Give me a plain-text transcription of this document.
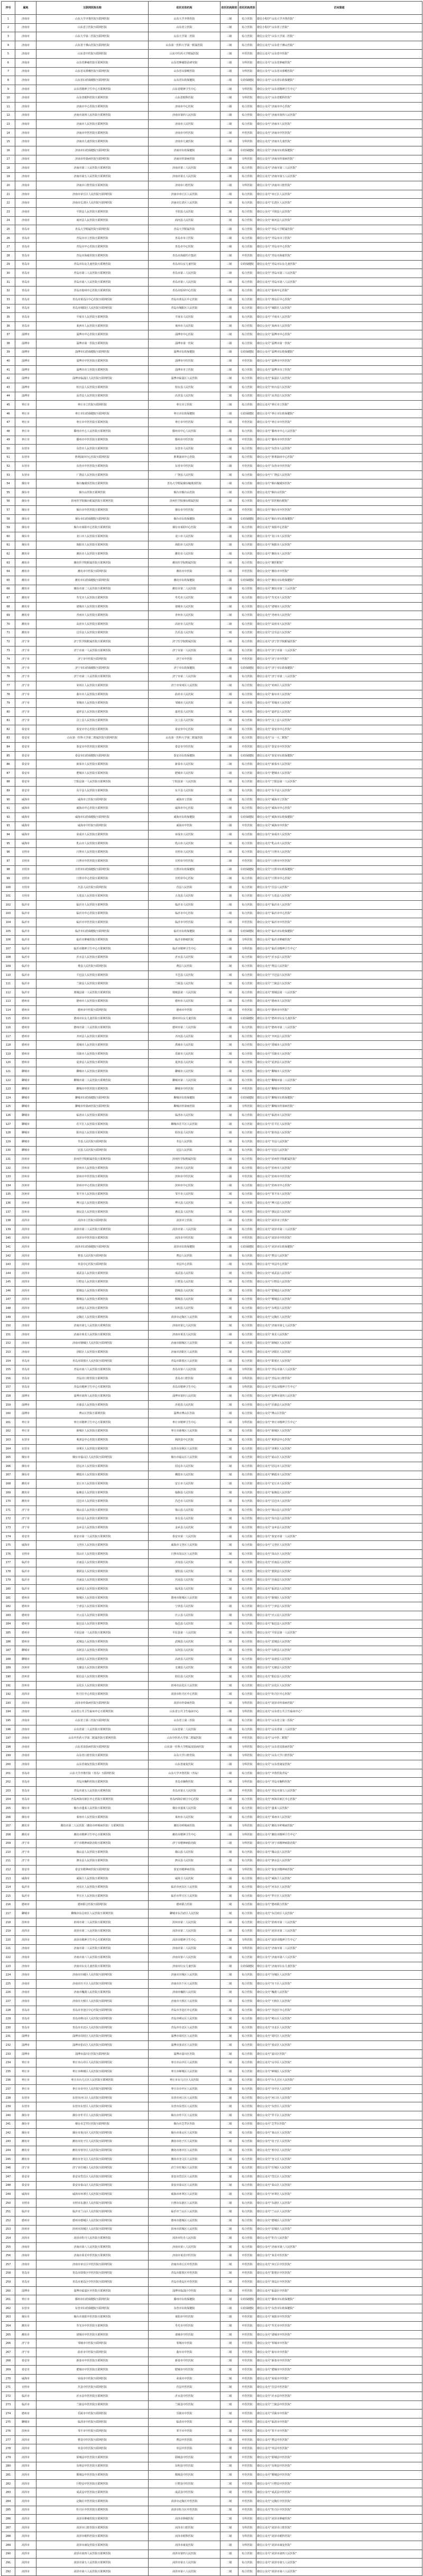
序号	属地	互联网医院名称	依托实体机构	依托机构级别	依托机构类别	访问渠道
1	济南市	山东大学齐鲁医院互联网医院	山东大学齐鲁医院	三级	综合医院	微信小程序“山东大学齐鲁医院”
2	济南市	山东省立医院互联网医院	山东省立医院	三级	综合医院	微信小程序“山东省立医院”
3	济南市	山东大学第二医院互联网医院	山东大学第二医院	三级	综合医院	微信公众号“山东大学第二医院”
4	济南市	山东省千佛山医院互联网医院	山东第一医科大学第一附属医院	三级	综合医院	微信公众号“山东省千佛山医院”
5	济南市	山东省中医院互联网医院	山东中医药大学附属医院	三级	中医医院	微信公众号“山东省中医院”
6	济南市	山东省肿瘤医院互联网医院	山东省肿瘤防治研究院	三级	专科医院	微信公众号“山东省肿瘤医院”
7	济南市	山东省耳鼻喉医院互联网医院	山东省耳鼻喉医院	三级	专科医院	微信公众号“山东省耳鼻喉医院”
8	济南市	山东省妇幼保健院互联网医院	山东省妇幼保健院	三级	妇幼保健院	微信公众号“山东省妇幼保健院”
9	济南市	山东省精神卫生中心互联网医院	山东省精神卫生中心	三级	专科医院	微信公众号“山东省精神卫生中心”
10	济南市	山东省眼科医院互联网医院	山东省眼科医院	三级	专科医院	微信公众号“山东省眼科医院”
11	济南市	济南市中心医院互联网医院	济南市中心医院	三级	综合医院	微信公众号“济南市中心医院”
12	济南市	济南市第四人民医院互联网医院	济南市第四人民医院	三级	综合医院	微信公众号“济南市第四人民医院”
13	济南市	济南市人民医院互联网医院	济南市人民医院	三级	综合医院	微信公众号“济南市人民医院”
14	济南市	济南市中医医院互联网医院	济南市中医医院	三级	中医医院	微信公众号“济南市中医医院”
15	济南市	济南市儿童医院互联网医院	济南市儿童医院	三级	专科医院	微信公众号“济南市儿童医院”
16	济南市	济南市妇幼保健院互联网医院	济南市妇幼保健院	三级	妇幼保健院	微信公众号“济南市妇幼保健院”
17	济南市	济南市传染病医院互联网医院	济南市传染病医院	三级	专科医院	微信公众号“济南市传染病医院”
18	济南市	济南市第三人民医院互联网医院	济南市第三人民医院	三级	综合医院	微信公众号“济南市第三人民医院”
19	济南市	济南市第五人民医院互联网医院	济南市第五人民医院	三级	综合医院	微信公众号“济南市第五人民医院”
20	济南市	济南市口腔医院互联网医院	济南市口腔医院	三级	专科医院	微信公众号“济南市口腔医院”
21	济南市	济南市章丘区人民医院互联网医院	济南市章丘区人民医院	三级	综合医院	微信公众号“章丘区人民医院”
22	济南市	济南市长清区人民医院互联网医院	济南市长清区人民医院	二级	综合医院	微信公众号“长清区人民医院”
23	济南市	平阴县人民医院互联网医院	平阴县人民医院	二级	综合医院	微信公众号“平阴县人民医院”
24	济南市	商河县人民医院互联网医院	商河县人民医院	二级	综合医院	微信公众号“商河县人民医院”
25	青岛市	青岛大学附属医院互联网医院	青岛大学附属医院	三级	综合医院	微信公众号“青岛大学附属医院”
26	青岛市	青岛市市立医院互联网医院	青岛市市立医院	三级	综合医院	微信公众号“青岛市市立医院”
27	青岛市	青岛市中心医院互联网医院	青岛市中心医院	三级	综合医院	微信公众号“青岛市中心医院”
28	青岛市	青岛市海慈医院互联网医院	青岛市海慈医疗集团	三级	中医医院	微信公众号“青岛市海慈医院”
29	青岛市	青岛市妇女儿童医院互联网医院	青岛市妇女儿童医院	三级	妇幼保健院	微信公众号“青岛市妇女儿童医院”
30	青岛市	青岛市第三人民医院互联网医院	青岛市第三人民医院	三级	综合医院	微信公众号“青岛市第三人民医院”
31	青岛市	青岛市第八人民医院互联网医院	青岛市第八人民医院	三级	综合医院	微信公众号“青岛市第八人民医院”
32	青岛市	青岛市胶州中心医院互联网医院	青岛市胶州中心医院	三级	综合医院	微信公众号“胶州中心医院”
33	青岛市	青岛市黄岛区中心医院互联网医院	青岛市黄岛区中心医院	三级	综合医院	微信公众号“黄岛区中心医院”
34	青岛市	青岛市城阳区人民医院互联网医院	青岛市城阳区人民医院	三级	综合医院	微信公众号“城阳区人民医院”
35	青岛市	平度市人民医院互联网医院	平度市人民医院	三级	综合医院	微信公众号“平度市人民医院”
36	青岛市	莱西市人民医院互联网医院	莱西市人民医院	二级	综合医院	微信公众号“莱西市人民医院”
37	淄博市	淄博市中心医院互联网医院	淄博市中心医院	三级	综合医院	微信公众号“淄博市中心医院”
38	淄博市	淄博市第一医院互联网医院	淄博市第一医院	三级	综合医院	微信公众号“淄博市第一医院”
39	淄博市	淄博市妇幼保健院互联网医院	淄博市妇幼保健院	三级	妇幼保健院	微信公众号“淄博市妇幼保健院”
40	淄博市	淄博市中医医院互联网医院	淄博市中医医院	三级	中医医院	微信公众号“淄博市中医医院”
41	淄博市	淄博市市立医院互联网医院	淄博市市立医院	三级	综合医院	微信公众号“淄博市市立医院”
42	淄博市	淄博市临淄区人民医院互联网医院	淄博市临淄区人民医院	三级	综合医院	微信公众号“临淄区人民医院”
43	淄博市	桓台县人民医院互联网医院	桓台县人民医院	二级	综合医院	微信公众号“桓台县人民医院”
44	淄博市	高青县人民医院互联网医院	高青县人民医院	二级	综合医院	微信公众号“高青县人民医院”
45	枣庄市	枣庄市立医院互联网医院	枣庄市立医院	三级	综合医院	微信公众号“枣庄市立医院”
46	枣庄市	枣庄市妇幼保健院互联网医院	枣庄市妇幼保健院	三级	妇幼保健院	微信公众号“枣庄市妇幼保健院”
47	枣庄市	枣庄市中医医院互联网医院	枣庄市中医医院	三级	中医医院	微信公众号“枣庄市中医医院”
48	枣庄市	滕州市中心人民医院互联网医院	滕州市中心人民医院	三级	综合医院	微信公众号“滕州市中心人民医院”
49	枣庄市	滕州市中医医院互联网医院	滕州市中医医院	三级	中医医院	微信公众号“滕州市中医医院”
50	东营市	东营市人民医院互联网医院	东营市人民医院	三级	综合医院	微信公众号“东营市人民医院”
51	东营市	胜利油田中心医院互联网医院	胜利油田中心医院	三级	综合医院	微信公众号“胜利油田中心医院”
52	东营市	东营市中医医院互联网医院	东营市中医医院	三级	中医医院	微信公众号“东营市中医医院”
53	东营市	广饶县人民医院互联网医院	广饶县人民医院	二级	综合医院	微信公众号“广饶县人民医院”
54	烟台市	烟台毓璜顶医院互联网医院	青岛大学附属烟台毓璜顶医院	三级	综合医院	微信公众号“烟台毓璜顶医院”
55	烟台市	烟台山医院互联网医院	烟台市烟台山医院	三级	综合医院	微信公众号“烟台山医院”
56	烟台市	滨州医学院烟台附属医院互联网医院	滨州医学院烟台附属医院	三级	综合医院	微信公众号“滨医烟台附院”
57	烟台市	烟台市中医医院互联网医院	烟台市中医医院	三级	中医医院	微信公众号“烟台市中医医院”
58	烟台市	烟台市妇幼保健院互联网医院	烟台市妇幼保健院	三级	妇幼保健院	微信公众号“烟台市妇幼保健院”
59	烟台市	烟台市莱阳中心医院互联网医院	烟台市莱阳中心医院	三级	综合医院	微信公众号“莱阳中心医院”
60	烟台市	龙口市人民医院互联网医院	龙口市人民医院	三级	综合医院	微信公众号“龙口市人民医院”
61	烟台市	海阳市人民医院互联网医院	海阳市人民医院	二级	综合医院	微信公众号“海阳市人民医院”
62	潍坊市	潍坊市人民医院互联网医院	潍坊市人民医院	三级	综合医院	微信公众号“潍坊市人民医院”
63	潍坊市	潍坊医学院附属医院互联网医院	潍坊医学院附属医院	三级	综合医院	微信公众号“潍医附院”
64	潍坊市	潍坊市中医院互联网医院	潍坊市中医院	三级	中医医院	微信公众号“潍坊市中医院”
65	潍坊市	潍坊市妇幼保健院互联网医院	潍坊市妇幼保健院	三级	妇幼保健院	微信公众号“潍坊市妇幼保健院”
66	潍坊市	潍坊市第二人民医院互联网医院	潍坊市第二人民医院	三级	综合医院	微信公众号“潍坊市第二人民医院”
67	潍坊市	寿光市人民医院互联网医院	寿光市人民医院	三级	综合医院	微信公众号“寿光市人民医院”
68	潍坊市	诸城市人民医院互联网医院	诸城市人民医院	三级	综合医院	微信公众号“诸城市人民医院”
69	潍坊市	青州市人民医院互联网医院	青州市人民医院	三级	综合医院	微信公众号“青州市人民医院”
70	潍坊市	高密市人民医院互联网医院	高密市人民医院	三级	综合医院	微信公众号“高密市人民医院”
71	潍坊市	昌乐县人民医院互联网医院	昌乐县人民医院	二级	综合医院	微信公众号“昌乐县人民医院”
72	济宁市	济宁医学院附属医院互联网医院	济宁医学院附属医院	三级	综合医院	微信公众号“济宁医学院附属医院”
73	济宁市	济宁市第一人民医院互联网医院	济宁市第一人民医院	三级	综合医院	微信公众号“济宁市第一人民医院”
74	济宁市	济宁市中医院互联网医院	济宁市中医院	三级	中医医院	微信公众号“济宁市中医院”
75	济宁市	济宁市妇幼保健院互联网医院	济宁市妇幼保健院	三级	妇幼保健院	微信公众号“济宁市妇幼保健院”
76	济宁市	济宁市第二人民医院互联网医院	济宁市第二人民医院	三级	综合医院	微信公众号“济宁市第二人民医院”
77	济宁市	兖州区人民医院互联网医院	济宁市兖州区人民医院	三级	综合医院	微信公众号“兖州区人民医院”
78	济宁市	曲阜市人民医院互联网医院	曲阜市人民医院	二级	综合医院	微信公众号“曲阜市人民医院”
79	济宁市	邹城市人民医院互联网医院	邹城市人民医院	三级	综合医院	微信公众号“邹城市人民医院”
80	济宁市	嘉祥县人民医院互联网医院	嘉祥县人民医院	二级	综合医院	微信公众号“嘉祥县人民医院”
81	济宁市	汶上县人民医院互联网医院	汶上县人民医院	二级	综合医院	微信公众号“汶上县人民医院”
82	泰安市	泰安市中心医院互联网医院	泰安市中心医院	三级	综合医院	微信公众号“泰安市中心医院”
83	泰安市	山东第一医科大学第二附属医院互联网医院	山东第一医科大学第二附属医院	三级	综合医院	微信公众号“山一大二附院”
84	泰安市	泰安市中医医院互联网医院	泰安市中医医院	三级	中医医院	微信公众号“泰安市中医医院”
85	泰安市	泰安市妇幼保健院互联网医院	泰安市妇幼保健院	三级	妇幼保健院	微信公众号“泰安市妇幼保健院”
86	泰安市	新泰市人民医院互联网医院	新泰市人民医院	三级	综合医院	微信公众号“新泰市人民医院”
87	泰安市	肥城市人民医院互联网医院	肥城市人民医院	三级	综合医院	微信公众号“肥城市人民医院”
88	泰安市	宁阳县第一人民医院互联网医院	宁阳县第一人民医院	二级	综合医院	微信公众号“宁阳县第一人民医院”
89	泰安市	东平县人民医院互联网医院	东平县人民医院	二级	综合医院	微信公众号“东平县人民医院”
90	威海市	威海市立医院互联网医院	威海市立医院	三级	综合医院	微信公众号“威海市立医院”
91	威海市	威海市中心医院互联网医院	威海市中心医院	三级	综合医院	微信公众号“威海市中心医院”
92	威海市	威海市妇幼保健院互联网医院	威海市妇幼保健院	三级	妇幼保健院	微信公众号“威海市妇幼保健院”
93	威海市	威海市中医院互联网医院	威海市中医院	三级	中医医院	微信公众号“威海市中医院”
94	威海市	荣成市人民医院互联网医院	荣成市人民医院	三级	综合医院	微信公众号“荣成市人民医院”
95	威海市	乳山市人民医院互联网医院	乳山市人民医院	二级	综合医院	微信公众号“乳山市人民医院”
96	日照市	日照市人民医院互联网医院	日照市人民医院	三级	综合医院	微信公众号“日照市人民医院”
97	日照市	日照市中医医院互联网医院	日照市中医医院	三级	中医医院	微信公众号“日照市中医医院”
98	日照市	日照市妇幼保健院互联网医院	日照市妇幼保健院	三级	妇幼保健院	微信公众号“日照市妇幼保健院”
99	日照市	日照市中心医院互联网医院	日照市中心医院	三级	综合医院	微信公众号“日照市中心医院”
100	日照市	莒县人民医院互联网医院	莒县人民医院	二级	综合医院	微信公众号“莒县人民医院”
101	日照市	五莲县人民医院互联网医院	五莲县人民医院	二级	综合医院	微信公众号“五莲县人民医院”
102	临沂市	临沂市人民医院互联网医院	临沂市人民医院	三级	综合医院	微信公众号“临沂市人民医院”
103	临沂市	临沂市中心医院互联网医院	临沂市中心医院	三级	综合医院	微信公众号“临沂市中心医院”
104	临沂市	临沂市中医医院互联网医院	临沂市中医医院	三级	中医医院	微信公众号“临沂市中医医院”
105	临沂市	临沂市妇幼保健院互联网医院	临沂市妇幼保健院	三级	妇幼保健院	微信公众号“临沂市妇幼保健院”
106	临沂市	临沂市肿瘤医院互联网医院	临沂市肿瘤医院	三级	专科医院	微信公众号“临沂市肿瘤医院”
107	临沂市	临沂市精神卫生中心互联网医院	临沂市精神卫生中心	三级	专科医院	微信公众号“临沂市精神卫生中心”
108	临沂市	沂水县人民医院互联网医院	沂水县人民医院	三级	综合医院	微信公众号“沂水县人民医院”
109	临沂市	费县人民医院互联网医院	费县人民医院	二级	综合医院	微信公众号“费县人民医院”
110	临沂市	平邑县人民医院互联网医院	平邑县人民医院	二级	综合医院	微信公众号“平邑县人民医院”
111	临沂市	兰陵县人民医院互联网医院	兰陵县人民医院	二级	综合医院	微信公众号“兰陵县人民医院”
112	临沂市	郯城县第一人民医院互联网医院	郯城县第一人民医院	二级	综合医院	微信公众号“郯城县第一人民医院”
113	德州市	德州市人民医院互联网医院	德州市人民医院	三级	综合医院	微信公众号“德州市人民医院”
114	德州市	德州市中医院互联网医院	德州市中医院	三级	中医医院	微信公众号“德州市中医院”
115	德州市	德州市妇女儿童医院互联网医院	德州市妇女儿童医院	三级	妇幼保健院	微信公众号“德州市妇女儿童医院”
116	德州市	德州市第二人民医院互联网医院	德州市第二人民医院	三级	综合医院	微信公众号“德州市第二人民医院”
117	德州市	齐河县人民医院互联网医院	齐河县人民医院	二级	综合医院	微信公众号“齐河县人民医院”
118	德州市	禹城市人民医院互联网医院	禹城市人民医院	二级	综合医院	微信公众号“禹城市人民医院”
119	德州市	乐陵市人民医院互联网医院	乐陵市人民医院	二级	综合医院	微信公众号“乐陵市人民医院”
120	德州市	夏津县人民医院互联网医院	夏津县人民医院	二级	综合医院	微信公众号“夏津县人民医院”
121	聊城市	聊城市人民医院互联网医院	聊城市人民医院	三级	综合医院	微信公众号“聊城市人民医院”
122	聊城市	聊城市第二人民医院互联网医院	聊城市第二人民医院	三级	综合医院	微信公众号“聊城市第二人民医院”
123	聊城市	聊城市中医医院互联网医院	聊城市中医医院	三级	中医医院	微信公众号“聊城市中医医院”
124	聊城市	聊城市妇幼保健院互联网医院	聊城市妇幼保健院	三级	妇幼保健院	微信公众号“聊城市妇幼保健院”
125	聊城市	聊城市传染病医院互联网医院	聊城市传染病医院	三级	专科医院	微信公众号“聊城市传染病医院”
126	聊城市	临清市人民医院互联网医院	临清市人民医院	二级	综合医院	微信公众号“临清市人民医院”
127	聊城市	茌平区人民医院互联网医院	聊城市茌平区人民医院	二级	综合医院	微信公众号“茌平区人民医院”
128	聊城市	阳谷县人民医院互联网医院	阳谷县人民医院	二级	综合医院	微信公众号“阳谷县人民医院”
129	聊城市	莘县人民医院互联网医院	莘县人民医院	二级	综合医院	微信公众号“莘县人民医院”
130	聊城市	冠县人民医院互联网医院	冠县人民医院	二级	综合医院	微信公众号“冠县人民医院”
131	滨州市	滨州医学院附属医院互联网医院	滨州医学院附属医院	三级	综合医院	微信公众号“滨州医学院附属医院”
132	滨州市	滨州市人民医院互联网医院	滨州市人民医院	三级	综合医院	微信公众号“滨州市人民医院”
133	滨州市	滨州市中医医院互联网医院	滨州市中医医院	三级	中医医院	微信公众号“滨州市中医医院”
134	滨州市	滨州市中心医院互联网医院	滨州市中心医院	三级	综合医院	微信公众号“滨州市中心医院”
135	滨州市	邹平市人民医院互联网医院	邹平市人民医院	二级	综合医院	微信公众号“邹平市人民医院”
136	滨州市	博兴县人民医院互联网医院	博兴县人民医院	二级	综合医院	微信公众号“博兴县人民医院”
137	滨州市	惠民县人民医院互联网医院	惠民县人民医院	二级	综合医院	微信公众号“惠民县人民医院”
138	菏泽市	菏泽市立医院互联网医院	菏泽市立医院	三级	综合医院	微信公众号“菏泽市立医院”
139	菏泽市	菏泽市第三人民医院互联网医院	菏泽市第三人民医院	三级	综合医院	微信公众号“菏泽市第三人民医院”
140	菏泽市	菏泽市中医医院互联网医院	菏泽市中医医院	三级	中医医院	微信公众号“菏泽市中医医院”
141	菏泽市	菏泽市妇幼保健院互联网医院	菏泽市妇幼保健院	三级	妇幼保健院	微信公众号“菏泽市妇幼保健院”
142	菏泽市	曹县人民医院互联网医院	曹县人民医院	三级	综合医院	微信公众号“曹县人民医院”
143	菏泽市	单县中心医院互联网医院	单县中心医院	三级	综合医院	微信公众号“单县中心医院”
144	菏泽市	成武县人民医院互联网医院	成武县人民医院	二级	综合医院	微信公众号“成武县人民医院”
145	菏泽市	巨野县人民医院互联网医院	巨野县人民医院	二级	综合医院	微信公众号“巨野县人民医院”
146	菏泽市	郓城县人民医院互联网医院	郓城县人民医院	二级	综合医院	微信公众号“郓城县人民医院”
147	菏泽市	鄄城县人民医院互联网医院	鄄城县人民医院	二级	综合医院	微信公众号“鄄城县人民医院”
148	菏泽市	东明县人民医院互联网医院	东明县人民医院	二级	综合医院	微信公众号“东明县人民医院”
149	菏泽市	定陶区人民医院互联网医院	菏泽市定陶区人民医院	二级	综合医院	微信公众号“定陶区人民医院”
150	济南市	济南市第七人民医院互联网医院	济南市第七人民医院	二级	综合医院	微信公众号“济南市第七人民医院”
151	济南市	济南市莱芜人民医院互联网医院	济南市莱芜人民医院	三级	综合医院	微信公众号“莱芜人民医院”
152	济南市	济南市钢城区人民医院互联网医院	济南市钢城区人民医院	二级	综合医院	微信公众号“钢城区人民医院”
153	济南市	济阳区人民医院互联网医院	济南市济阳区人民医院	二级	综合医院	微信公众号“济阳区人民医院”
154	青岛市	青岛市即墨区人民医院互联网医院	青岛市即墨区人民医院	三级	综合医院	微信公众号“即墨区人民医院”
155	青岛市	青岛市第六人民医院互联网医院	青岛市第六人民医院	三级	专科医院	微信公众号“青岛市第六人民医院”
156	青岛市	青岛市口腔医院互联网医院	青岛市口腔医院	三级	专科医院	微信公众号“青岛市口腔医院”
157	青岛市	青岛市精神卫生中心互联网医院	青岛市精神卫生中心	三级	专科医院	微信公众号“青岛市精神卫生中心”
158	淄博市	淄博市第四人民医院互联网医院	淄博市第四人民医院	三级	综合医院	微信公众号“淄博市第四人民医院”
159	淄博市	沂源县人民医院互联网医院	沂源县人民医院	二级	综合医院	微信公众号“沂源县人民医院”
160	淄博市	博山区医院互联网医院	淄博市博山区医院	二级	综合医院	微信公众号“博山区医院”
161	枣庄市	枣庄市精神卫生中心互联网医院	枣庄市精神卫生中心	三级	专科医院	微信公众号“枣庄市精神卫生中心”
162	枣庄市	薛城区人民医院互联网医院	枣庄市薛城区人民医院	二级	综合医院	微信公众号“薛城区人民医院”
163	东营市	利津县中心医院互联网医院	利津县中心医院	二级	综合医院	微信公众号“利津县中心医院”
164	东营市	垦利区人民医院互联网医院	东营市垦利区人民医院	二级	综合医院	微信公众号“垦利区人民医院”
165	烟台市	烟台市福山区人民医院互联网医院	烟台市福山区人民医院	二级	综合医院	微信公众号“福山区人民医院”
166	烟台市	招远市人民医院互联网医院	招远市人民医院	二级	综合医院	微信公众号“招远市人民医院”
167	烟台市	栖霞市人民医院互联网医院	栖霞市人民医院	二级	综合医院	微信公众号“栖霞市人民医院”
168	潍坊市	安丘市人民医院互联网医院	安丘市人民医院	二级	综合医院	微信公众号“安丘市人民医院”
169	潍坊市	临朐县人民医院互联网医院	临朐县人民医院	二级	综合医院	微信公众号“临朐县人民医院”
170	潍坊市	昌邑市人民医院互联网医院	昌邑市人民医院	二级	综合医院	微信公众号“昌邑市人民医院”
171	济宁市	梁山县人民医院互联网医院	梁山县人民医院	二级	综合医院	微信公众号“梁山县人民医院”
172	济宁市	鱼台县人民医院互联网医院	鱼台县人民医院	二级	综合医院	微信公众号“鱼台县人民医院”
173	济宁市	金乡县人民医院互联网医院	金乡县人民医院	二级	综合医院	微信公众号“金乡县人民医院”
174	泰安市	泰安市第一人民医院互联网医院	泰安市第一人民医院	三级	综合医院	微信公众号“泰安市第一人民医院”
175	威海市	文登区人民医院互联网医院	威海市文登区人民医院	二级	综合医院	微信公众号“文登区人民医院”
176	日照市	岚山区人民医院互联网医院	日照市岚山区人民医院	二级	综合医院	微信公众号“岚山区人民医院”
177	临沂市	沂南县人民医院互联网医院	沂南县人民医院	二级	综合医院	微信公众号“沂南县人民医院”
178	临沂市	蒙阴县人民医院互联网医院	蒙阴县人民医院	二级	综合医院	微信公众号“蒙阴县人民医院”
179	临沂市	莒南县人民医院互联网医院	莒南县人民医院	二级	综合医院	微信公众号“莒南县人民医院”
180	临沂市	临沭县人民医院互联网医院	临沭县人民医院	二级	综合医院	微信公众号“临沭县人民医院”
181	德州市	陵城区人民医院互联网医院	德州市陵城区人民医院	二级	综合医院	微信公众号“陵城区人民医院”
182	德州市	宁津县人民医院互联网医院	宁津县人民医院	二级	综合医院	微信公众号“宁津县人民医院”
183	德州市	庆云县人民医院互联网医院	庆云县人民医院	二级	综合医院	微信公众号“庆云县人民医院”
184	德州市	临邑县人民医院互联网医院	临邑县人民医院	二级	综合医院	微信公众号“临邑县人民医院”
185	德州市	平原县第一人民医院互联网医院	平原县第一人民医院	二级	综合医院	微信公众号“平原县第一人民医院”
186	德州市	武城县人民医院互联网医院	武城县人民医院	二级	综合医院	微信公众号“武城县人民医院”
187	聊城市	东阿县人民医院互联网医院	东阿县人民医院	二级	综合医院	微信公众号“东阿县人民医院”
188	聊城市	高唐县人民医院互联网医院	高唐县人民医院	二级	综合医院	微信公众号“高唐县人民医院”
189	滨州市	无棣县人民医院互联网医院	无棣县人民医院	二级	综合医院	微信公众号“无棣县人民医院”
190	滨州市	阳信县人民医院互联网医院	阳信县人民医院	二级	综合医院	微信公众号“阳信县人民医院”
191	滨州市	沾化区人民医院互联网医院	滨州市沾化区人民医院	二级	综合医院	微信公众号“沾化区人民医院”
192	菏泽市	牡丹区中心医院互联网医院	菏泽市牡丹区中心医院	二级	综合医院	微信公众号“牡丹区中心医院”
193	菏泽市	菏泽市传染病医院互联网医院	菏泽市传染病医院	二级	专科医院	微信公众号“菏泽市传染病医院”
194	济南市	山东省公共卫生临床中心互联网医院	山东省公共卫生临床中心	三级	专科医院	微信公众号“山东省公共卫生临床中心”
195	济南市	山东省立第三医院互联网医院	山东省立第三医院	三级	综合医院	微信公众号“山东省立第三医院”
196	济南市	山东省第二人民医院互联网医院	山东省第二人民医院	三级	综合医院	微信公众号“山东省第二人民医院”
197	济南市	山东中医药大学第二附属医院互联网医院	山东中医药大学第二附属医院	三级	中医医院	微信公众号“山中医二附院”
198	济南市	山东省皮肤病医院互联网医院	山东第一医科大学附属皮肤病医院	三级	专科医院	微信公众号“山东省皮肤病医院”
199	济南市	山东省口腔医院互联网医院	山东大学口腔医院	三级	专科医院	微信公众号“山东大学口腔医院”
200	济南市	山东省康复医院互联网医院	山东省康复医院	三级	专科医院	微信公众号“山东省康复医院”
201	青岛市	山东大学齐鲁医院（青岛）互联网医院	山东大学齐鲁医院（青岛）	三级	综合医院	微信公众号“齐鲁医院青岛”
202	青岛市	青岛市胸科医院互联网医院	青岛市胸科医院	二级	专科医院	微信公众号“青岛市胸科医院”
203	青岛市	青岛市第五人民医院互联网医院	青岛市第五人民医院	三级	中医医院	微信公众号“青岛市第五人民医院”
204	青岛市	青岛西海岸新区中心医院互联网医院	青岛西海岸新区中心医院	三级	综合医院	微信公众号“西海岸新区中心医院”
205	烟台市	烟台市蓬莱人民医院互联网医院	烟台市蓬莱人民医院	二级	综合医院	微信公众号“蓬莱人民医院”
206	烟台市	莱州市人民医院互联网医院	莱州市人民医院	二级	综合医院	微信公众号“莱州市人民医院”
207	潍坊市	潍坊市第二人民医院（潍坊市呼吸病医院）互联网医院	潍坊市呼吸病医院	三级	专科医院	微信公众号“潍坊市呼吸病医院”
208	潍坊市	潍坊市精神卫生中心互联网医院	潍坊市精神卫生中心	三级	专科医院	微信公众号“潍坊市精神卫生中心”
209	济宁市	济宁市精神病防治院互联网医院	济宁市精神病防治院	三级	专科医院	微信公众号“济宁市精神病防治院”
210	济宁市	微山县人民医院互联网医院	微山县人民医院	二级	综合医院	微信公众号“微山县人民医院”
211	济宁市	泗水县人民医院互联网医院	泗水县人民医院	二级	综合医院	微信公众号“泗水县人民医院”
212	泰安市	泰安市精神病医院互联网医院	泰安市精神病医院	三级	专科医院	微信公众号“泰安市精神病医院”
213	威海市	威海卫人民医院互联网医院	威海卫人民医院	三级	综合医院	微信公众号“威海卫人民医院”
214	临沂市	河东区人民医院互联网医院	临沂市河东区人民医院	二级	综合医院	微信公众号“河东区人民医院”
215	临沂市	罗庄区人民医院互联网医院	临沂市罗庄区人民医院	二级	综合医院	微信公众号“罗庄区人民医院”
216	德州市	德州联合医院互联网医院	德州联合医院	二级	综合医院	微信公众号“德州联合医院”
217	聊城市	聊城市东昌府区人民医院互联网医院	聊城市东昌府区人民医院	二级	综合医院	微信公众号“东昌府区人民医院”
218	滨州市	滨州市第二人民医院互联网医院	滨州市第二人民医院	三级	综合医院	微信公众号“滨州市第二人民医院”
219	菏泽市	菏泽市第二人民医院互联网医院	菏泽市第二人民医院	三级	综合医院	微信公众号“菏泽市第二人民医院”
220	菏泽市	菏泽市精神卫生中心互联网医院	菏泽市精神卫生中心	二级	专科医院	微信公众号“菏泽市精神卫生中心”
221	济南市	济南市第二人民医院互联网医院	济南市第二人民医院	三级	专科医院	微信公众号“济南市第二人民医院”
222	济南市	济南市第六人民医院互联网医院	济南市第六人民医院	二级	综合医院	微信公众号“济南市第六人民医院”
223	济南市	济南市妇女儿童医院互联网医院	济南市妇女儿童医院	二级	妇幼保健院	微信公众号“济南市妇女儿童医院”
224	济南市	济南市历城区人民医院互联网医院	济南市历城区人民医院	二级	综合医院	微信公众号“历城区人民医院”
225	济南市	济南市历下区人民医院互联网医院	济南市历下区人民医院	二级	综合医院	微信公众号“历下区人民医院”
226	济南市	济南市槐荫人民医院互联网医院	济南市槐荫人民医院	二级	综合医院	微信公众号“槐荫人民医院”
227	济南市	济南市天桥区人民医院互联网医院	济南市天桥区人民医院	二级	综合医院	微信公众号“天桥区人民医院”
228	青岛市	青岛市李沧区中心医院互联网医院	青岛市李沧区中心医院	二级	综合医院	微信公众号“李沧区中心医院”
229	青岛市	青岛市崂山区人民医院互联网医院	青岛市崂山区人民医院	二级	综合医院	微信公众号“崂山区人民医院”
230	青岛市	青岛市市北区人民医院互联网医院	青岛市市北区人民医院	二级	综合医院	微信公众号“市北区人民医院”
231	淄博市	淄博市周村区人民医院互联网医院	淄博市周村区人民医院	二级	综合医院	微信公众号“周村区人民医院”
232	淄博市	淄博市张店区人民医院互联网医院	淄博市张店区人民医院	二级	综合医院	微信公众号“张店区人民医院”
233	淄博市	淄博市淄川区医院互联网医院	淄博市淄川区医院	二级	综合医院	微信公众号“淄川区医院”
234	枣庄市	枣庄市山亭区人民医院互联网医院	枣庄市山亭区人民医院	二级	综合医院	微信公众号“山亭区人民医院”
235	枣庄市	枣庄市峄城区人民医院互联网医院	枣庄市峄城区人民医院	二级	综合医院	微信公众号“峄城区人民医院”
236	枣庄市	枣庄市台儿庄区人民医院互联网医院	枣庄市台儿庄区人民医院	二级	综合医院	微信公众号“台儿庄区人民医院”
237	枣庄市	枣庄市市中区人民医院互联网医院	枣庄市市中区人民医院	二级	综合医院	微信公众号“市中区人民医院”
238	东营市	东营市河口区人民医院互联网医院	东营市河口区人民医院	二级	综合医院	微信公众号“河口区人民医院”
239	东营市	东营市东营区人民医院互联网医院	东营市东营区人民医院	二级	综合医院	微信公众号“东营区人民医院”
240	烟台市	烟台市牟平区人民医院互联网医院	烟台市牟平区人民医院	二级	综合医院	微信公众号“牟平区人民医院”
241	烟台市	烟台市芝罘区医院互联网医院	烟台市芝罘区医院	二级	综合医院	微信公众号“芝罘区医院”
242	烟台市	烟台市莱山区人民医院互联网医院	烟台市莱山区人民医院	二级	综合医院	微信公众号“莱山区人民医院”
243	潍坊市	潍坊市坊子区人民医院互联网医院	潍坊市坊子区人民医院	二级	综合医院	微信公众号“坊子区人民医院”
244	潍坊市	潍坊市寒亭区人民医院互联网医院	潍坊市寒亭区人民医院	二级	综合医院	微信公众号“寒亭区人民医院”
245	潍坊市	潍坊市奎文区人民医院互联网医院	潍坊市奎文区人民医院	二级	综合医院	微信公众号“奎文区人民医院”
246	济宁市	济宁市任城区人民医院互联网医院	济宁市任城区人民医院	二级	综合医院	微信公众号“任城区人民医院”
247	泰安市	泰安市岱岳区人民医院互联网医院	泰安市岱岳区人民医院	二级	综合医院	微信公众号“岱岳区人民医院”
248	泰安市	泰安市泰山区人民医院互联网医院	泰安市泰山区人民医院	二级	综合医院	微信公众号“泰山区人民医院”
249	威海市	威海市环翠区人民医院互联网医院	威海市环翠区人民医院	二级	综合医院	微信公众号“环翠区人民医院”
250	日照市	日照市东港区人民医院互联网医院	日照市东港区人民医院	二级	综合医院	微信公众号“东港区人民医院”
251	临沂市	临沂市兰山区人民医院互联网医院	临沂市兰山区人民医院	二级	综合医院	微信公众号“兰山区人民医院”
252	德州市	德州市德城区人民医院互联网医院	德州市德城区人民医院	二级	综合医院	微信公众号“德城区人民医院”
253	滨州市	滨州市滨城区人民医院互联网医院	滨州市滨城区人民医院	二级	综合医院	微信公众号“滨城区人民医院”
254	菏泽市	菏泽市牡丹人民医院互联网医院	菏泽市牡丹人民医院	二级	综合医院	微信公众号“牡丹人民医院”
255	济南市	济南市第八人民医院互联网医院	济南市第八人民医院	二级	综合医院	微信公众号“济南市第八人民医院”
256	济南市	济南市莱芜中医医院互联网医院	济南市莱芜中医医院	三级	中医医院	微信公众号“莱芜中医医院”
257	济南市	济南市章丘区中医医院互联网医院	济南市章丘区中医医院	二级	中医医院	微信公众号“章丘区中医医院”
258	青岛市	青岛市即墨区中医医院互联网医院	青岛市即墨区中医医院	二级	中医医院	微信公众号“即墨区中医医院”
259	青岛市	青岛市黄岛区中医医院互联网医院	青岛市黄岛区中医医院	二级	中医医院	微信公众号“黄岛区中医医院”
260	淄博市	淄博市临淄区中医院互联网医院	淄博市临淄区中医院	二级	中医医院	微信公众号“临淄区中医院”
261	枣庄市	滕州市妇幼保健院互联网医院	滕州市妇幼保健院	二级	妇幼保健院	微信公众号“滕州市妇幼保健院”
262	东营市	东营市妇幼保健院互联网医院	东营市妇幼保健院	三级	妇幼保健院	微信公众号“东营市妇幼保健院”
263	烟台市	烟台市莱阳中医医院互联网医院	莱阳市中医医院	二级	中医医院	微信公众号“莱阳市中医医院”
264	潍坊市	寿光市中医医院互联网医院	寿光市中医医院	二级	中医医院	微信公众号“寿光市中医医院”
265	潍坊市	诸城市中医医院互联网医院	诸城市中医医院	二级	中医医院	微信公众号“诸城市中医医院”
266	济宁市	邹城市中医院互联网医院	邹城市中医院	二级	中医医院	微信公众号“邹城市中医院”
267	济宁市	曲阜市中医院互联网医院	曲阜市中医院	二级	中医医院	微信公众号“曲阜市中医院”
268	泰安市	新泰市中医医院互联网医院	新泰市中医医院	二级	中医医院	微信公众号“新泰市中医医院”
269	泰安市	肥城市中医医院互联网医院	肥城市中医医院	二级	中医医院	微信公众号“肥城市中医医院”
270	威海市	荣成市中医院互联网医院	荣成市中医院	二级	中医医院	微信公众号“荣成市中医院”
271	日照市	莒县中医医院互联网医院	莒县中医医院	二级	中医医院	微信公众号“莒县中医医院”
272	临沂市	沂水县中医医院互联网医院	沂水县中医医院	二级	中医医院	微信公众号“沂水县中医医院”
273	临沂市	兰陵县中医医院互联网医院	兰陵县中医医院	二级	中医医院	微信公众号“兰陵县中医医院”
274	德州市	乐陵市中医院互联网医院	乐陵市中医院	二级	中医医院	微信公众号“乐陵市中医院”
275	聊城市	临清市中医院互联网医院	临清市中医院	二级	中医医院	微信公众号“临清市中医院”
276	滨州市	邹平市中医院互联网医院	邹平市中医院	二级	中医医院	微信公众号“邹平市中医院”
277	菏泽市	曹县中医医院互联网医院	曹县中医医院	二级	中医医院	微信公众号“曹县中医医院”
278	菏泽市	单县中医医院互联网医院	单县中医医院	二级	中医医院	微信公众号“单县中医医院”
279	菏泽市	郓城县中医医院互联网医院	郓城县中医医院	二级	中医医院	微信公众号“郓城县中医医院”
280	菏泽市	东明县中医医院互联网医院	东明县中医医院	二级	中医医院	微信公众号“东明县中医医院”
281	菏泽市	鄄城县中医医院互联网医院	鄄城县中医医院	二级	中医医院	微信公众号“鄄城县中医医院”
282	菏泽市	巨野县中医医院互联网医院	巨野县中医医院	二级	中医医院	微信公众号“巨野县中医医院”
283	菏泽市	成武县中医医院互联网医院	成武县中医医院	二级	中医医院	微信公众号“成武县中医医院”
284	菏泽市	定陶区中医医院互联网医院	菏泽市定陶区中医医院	二级	中医医院	微信公众号“定陶区中医医院”
285	菏泽市	牡丹区中医医院互联网医院	菏泽市牡丹区中医医院	二级	中医医院	微信公众号“牡丹区中医医院”
286	菏泽市	菏泽市肿瘤医院互联网医院	菏泽市肿瘤医院	二级	专科医院	微信公众号“菏泽市肿瘤医院”
287	菏泽市	菏泽市口腔医院互联网医院	菏泽市口腔医院	二级	专科医院	微信公众号“菏泽市口腔医院”
288	菏泽市	菏泽市眼科医院互联网医院	菏泽市眼科医院	二级	专科医院	微信公众号“菏泽市眼科医院”
289	菏泽市	菏泽市康复医院互联网医院	菏泽市康复医院	二级	专科医院	微信公众号“菏泽市康复医院”
290	菏泽市	菏泽市第四人民医院互联网医院	菏泽市第四人民医院	二级	综合医院	微信公众号“菏泽市第四人民医院”
291	菏泽市	菏泽市第五人民医院互联网医院	菏泽市第五人民医院	二级	综合医院	微信公众号“菏泽市第五人民医院”
292	菏泽市	菏泽市第六人民医院互联网医院	菏泽市第六人民医院	二级	综合医院	微信公众号“菏泽市第六人民医院”
